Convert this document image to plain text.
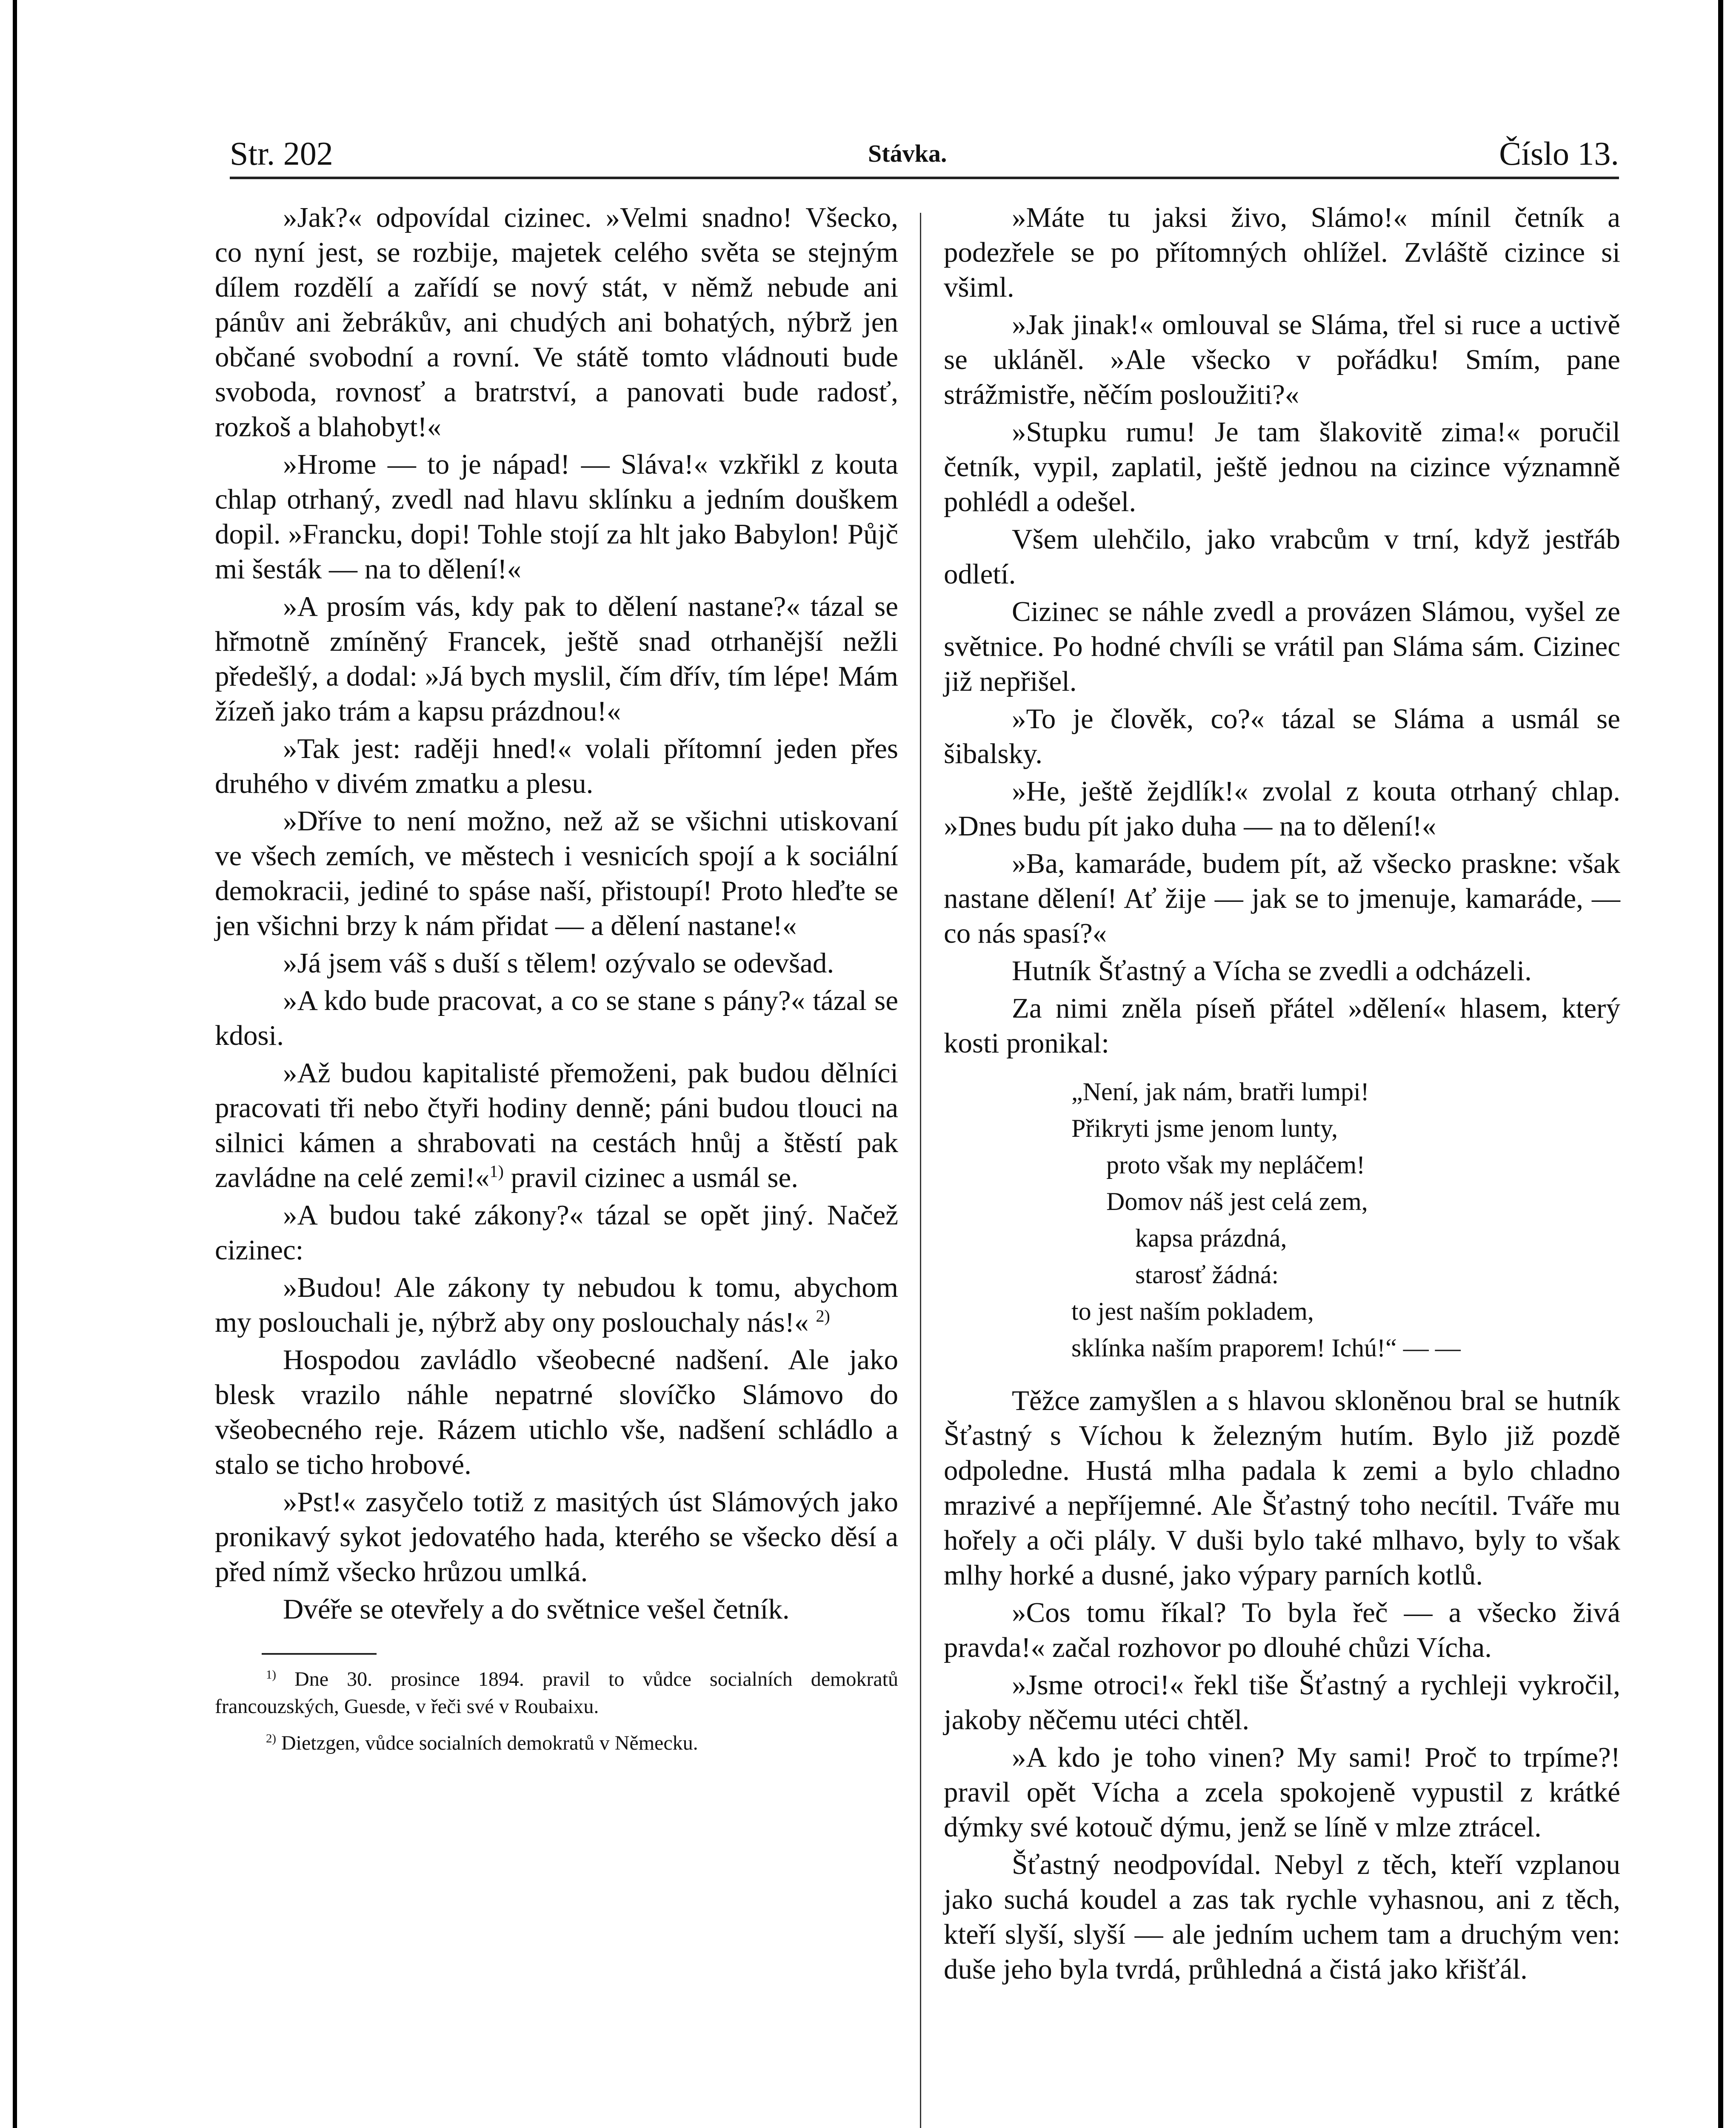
Str. 202	Stávka.	Číslo 13.

»Jak?« odpovídal cizinec. »Velmi snadno! Všecko, co nyní jest, se rozbije, majetek celého světa se stejným dílem rozdělí a zařídí se nový stát, v němž nebude ani pánův ani žebrákův, ani chudých ani bohatých, nýbrž jen občané svobodní a rovní. Ve státě tomto vládnouti bude svoboda, rovnosť a bratrství, a panovati bude radosť, rozkoš a blahobyt!«

»Hrome — to je nápad! — Sláva!« vzkřikl z kouta chlap otrhaný, zvedl nad hlavu sklínku a jedním douškem dopil. »Francku, dopi! Tohle stojí za hlt jako Babylon! Půjč mi šesták — na to dělení!«

»A prosím vás, kdy pak to dělení nastane?« tázal se hřmotně zmíněný Francek, ještě snad otrhanější nežli předešlý, a dodal: »Já bych myslil, čím dřív, tím lépe! Mám žízeň jako trám a kapsu prázdnou!«

»Tak jest: raději hned!« volali přítomní jeden přes druhého v divém zmatku a plesu.

»Dříve to není možno, než až se všichni utiskovaní ve všech zemích, ve městech i vesnicích spojí a k sociální demokracii, jediné to spáse naší, přistoupí! Proto hleďte se jen všichni brzy k nám přidat — a dělení nastane!«

»Já jsem váš s duší s tělem! ozývalo se odevšad.

»A kdo bude pracovat, a co se stane s pány?« tázal se kdosi.

»Až budou kapitalisté přemoženi, pak budou dělníci pracovati tři nebo čtyři hodiny denně; páni budou tlouci na silnici kámen a shrabovati na cestách hnůj a štěstí pak zavládne na celé zemi!«$^{1)}$ pravil cizinec a usmál se.

»A budou také zákony?« tázal se opět jiný. Načež cizinec:

»Budou! Ale zákony ty nebudou k tomu, abychom my poslouchali je, nýbrž aby ony poslouchaly nás!« $^{2)}$

Hospodou zavládlo všeobecné nadšení. Ale jako blesk vrazilo náhle nepatrné slovíčko Slámovo do všeobecného reje. Rázem utichlo vše, nadšení schládlo a stalo se ticho hrobové.

»Pst!« zasyčelo totiž z masitých úst Slámových jako pronikavý sykot jedovatého hada, kterého se všecko děsí a před nímž všecko hrůzou umlká.

Dvéře se otevřely a do světnice vešel četník.

$^{1)}$ Dne 30. prosince 1894. pravil to vůdce socialních demokratů francouzských, Guesde, v řeči své v Roubaixu.

$^{2)}$ Dietzgen, vůdce socialních demokratů v Německu.

»Máte tu jaksi živo, Slámo!« mínil četník a podezřele se po přítomných ohlížel. Zvláště cizince si všiml.

»Jak jinak!« omlouval se Sláma, třel si ruce a uctivě se ukláněl. »Ale všecko v pořádku! Smím, pane strážmistře, něčím posloužiti?«

»Stupku rumu! Je tam šlakovitě zima!« poručil četník, vypil, zaplatil, ještě jednou na cizince významně pohlédl a odešel.

Všem ulehčilo, jako vrabcům v trní, když jestřáb odletí.

Cizinec se náhle zvedl a provázen Slámou, vyšel ze světnice. Po hodné chvíli se vrátil pan Sláma sám. Cizinec již nepřišel.

»To je člověk, co?« tázal se Sláma a usmál se šibalsky.

»He, ještě žejdlík!« zvolal z kouta otrhaný chlap. »Dnes budu pít jako duha — na to dělení!«

»Ba, kamaráde, budem pít, až všecko praskne: však nastane dělení! Ať žije — jak se to jmenuje, kamaráde, — co nás spasí?«

Hutník Šťastný a Vícha se zvedli a odcházeli.

Za nimi zněla píseň přátel »dělení« hlasem, který kosti pronikal:

„Není, jak nám, bratři lumpi!
Přikryti jsme jenom lunty,
proto však my nepláčem!
Domov náš jest celá zem,
kapsa prázdná,
starosť žádná:
to jest naším pokladem,
sklínka naším praporem! Ichú!“ — —

Těžce zamyšlen a s hlavou skloněnou bral se hutník Šťastný s Víchou k železným hutím. Bylo již pozdě odpoledne. Hustá mlha padala k zemi a bylo chladno mrazivé a nepříjemné. Ale Šťastný toho necítil. Tváře mu hořely a oči plály. V duši bylo také mlhavo, byly to však mlhy horké a dusné, jako výpary parních kotlů.

»Cos tomu říkal? To byla řeč — a všecko živá pravda!« začal rozhovor po dlouhé chůzi Vícha.

»Jsme otroci!« řekl tiše Šťastný a rychleji vykročil, jakoby něčemu utéci chtěl.

»A kdo je toho vinen? My sami! Proč to trpíme?! pravil opět Vícha a zcela spokojeně vypustil z krátké dýmky své kotouč dýmu, jenž se líně v mlze ztrácel.

Šťastný neodpovídal. Nebyl z těch, kteří vzplanou jako suchá koudel a zas tak rychle vyhasnou, ani z těch, kteří slyší, slyší — ale jedním uchem tam a druchým ven: duše jeho byla tvrdá, průhledná a čistá jako křišťál.
